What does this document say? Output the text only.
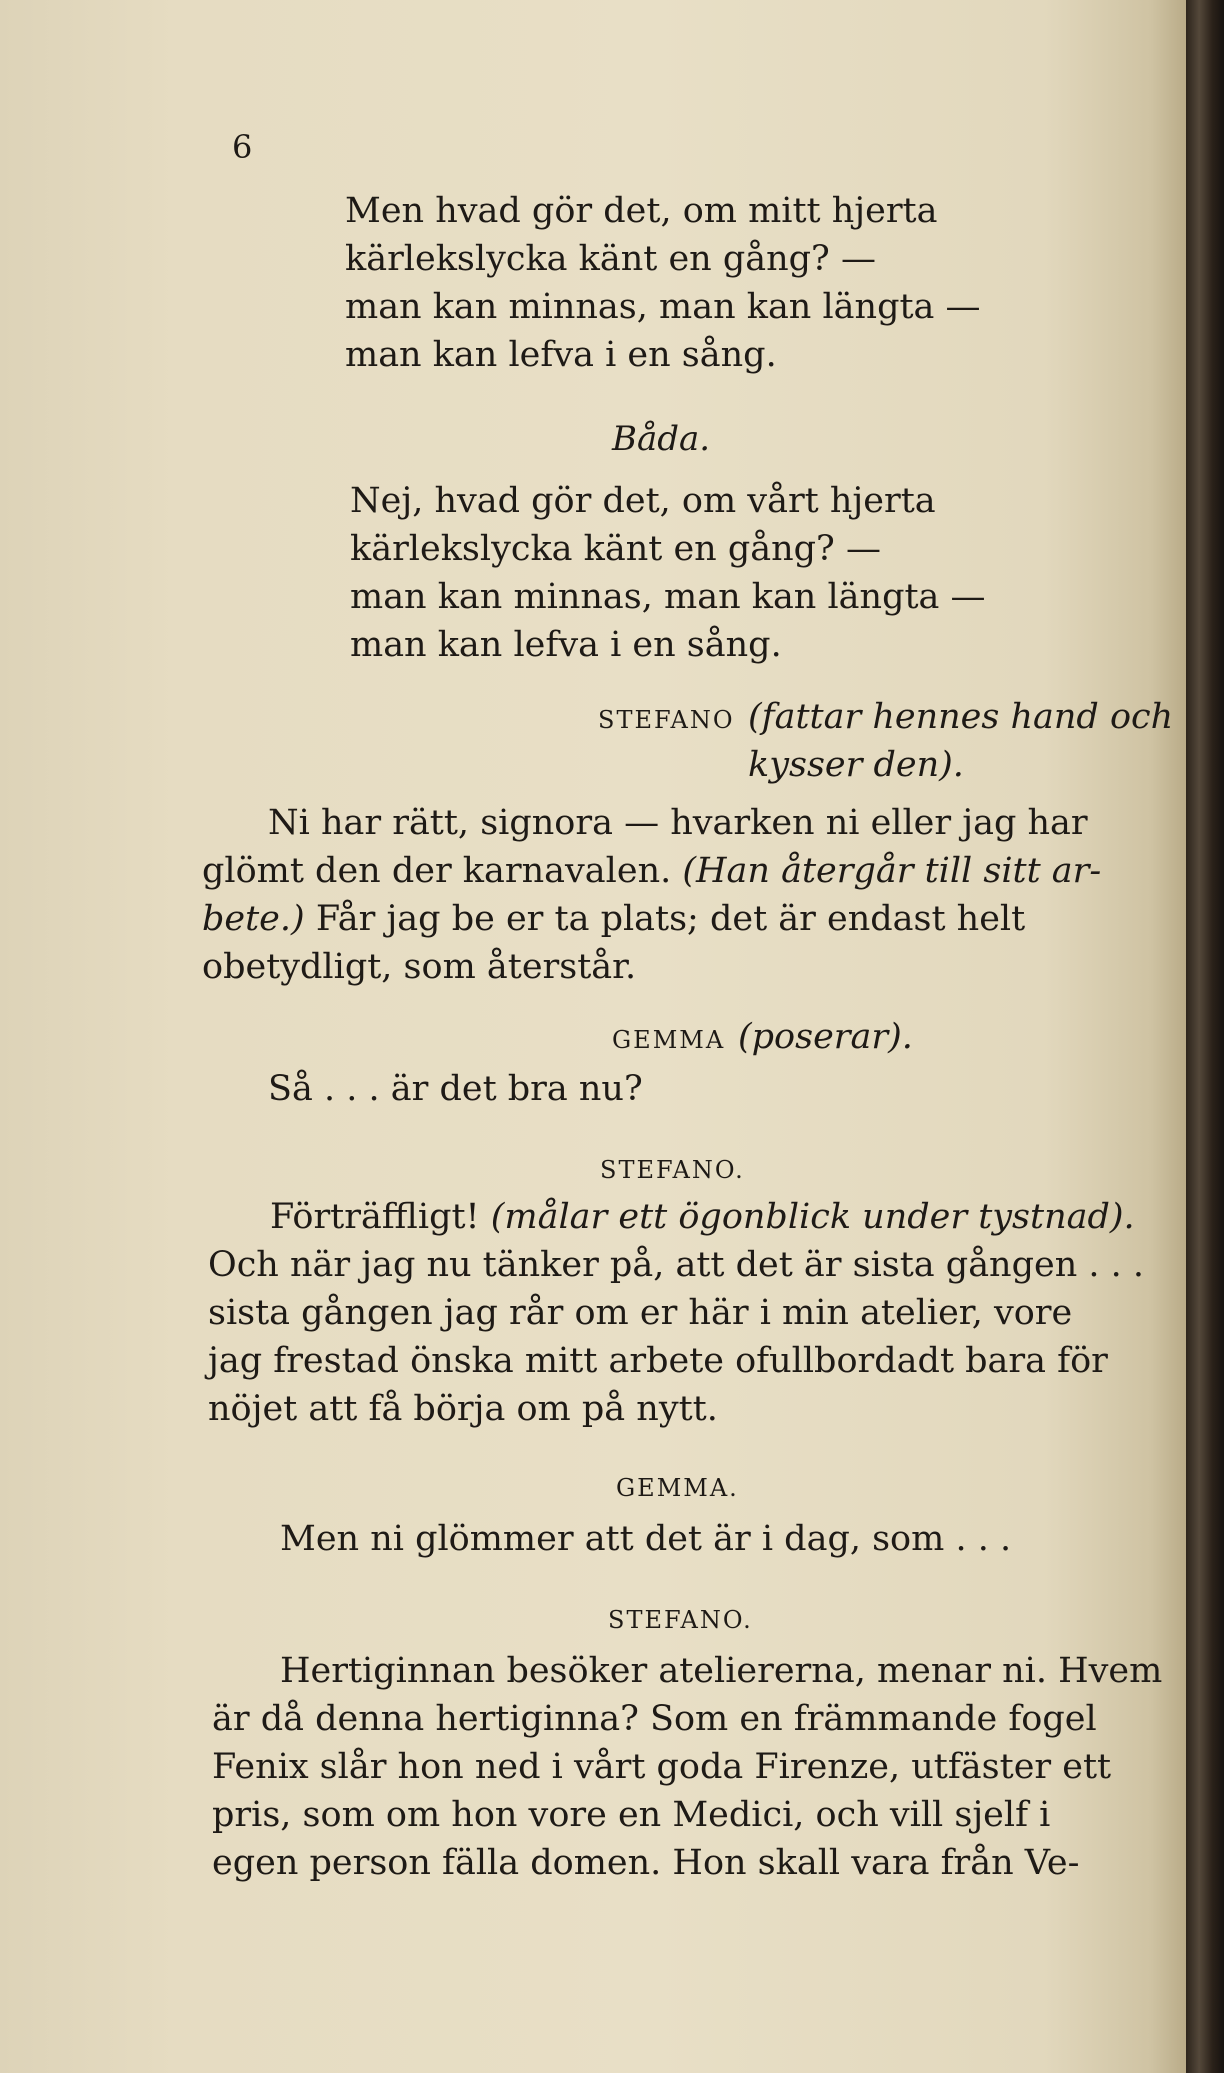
6
Men hvad gör det, om mitt hjerta
kärlekslycka känt en gång? —
man kan minnas, man kan längta —
man kan lefva i en sång.
Båda.
Nej, hvad gör det, om vårt hjerta
kärlekslycka känt en gång? —
man kan minnas, man kan längta —
man kan lefva i en sång.
STEFANO (fattar hennes hand och
kysser den).
Ni har rätt, signora — hvarken ni eller jag har
glömt den der karnavalen. (Han återgår till sitt ar-
bete.) Får jag be er ta plats; det är endast helt
obetydligt, som återstår.
GEMMA (poserar).
Så . . . är det bra nu?
STEFANO.
Förträffligt! (målar ett ögonblick under tystnad).
Och när jag nu tänker på, att det är sista gången . . .
sista gången jag rår om er här i min atelier, vore
jag frestad önska mitt arbete ofullbordadt bara för
nöjet att få börja om på nytt.
GEMMA.
Men ni glömmer att det är i dag, som . . .
STEFANO.
Hertiginnan besöker ateliererna, menar ni. Hvem
är då denna hertiginna? Som en främmande fogel
Fenix slår hon ned i vårt goda Firenze, utfäster ett
pris, som om hon vore en Medici, och vill sjelf i
egen person fälla domen. Hon skall vara från Ve-
